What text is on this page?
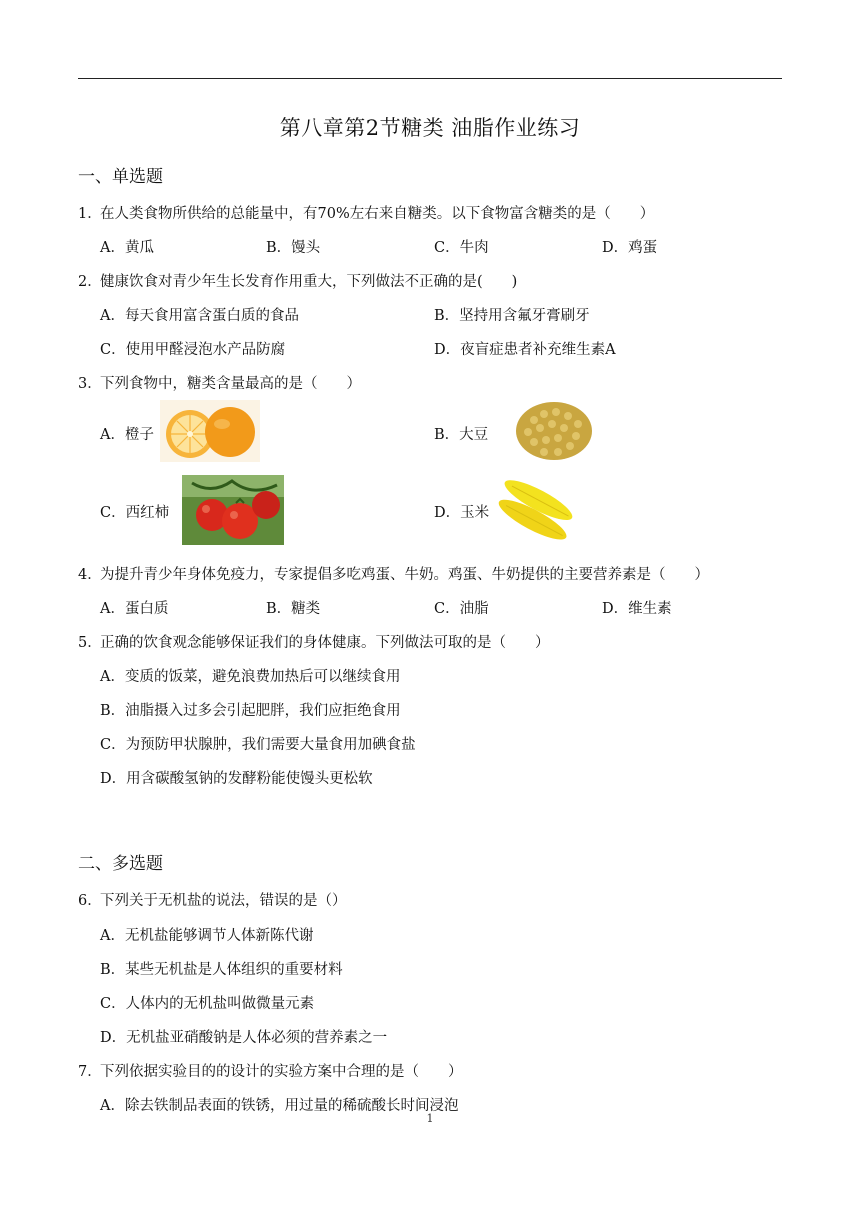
第八章第2节糖类 油脂作业练习
一、单选题
1．在人类食物所供给的总能量中，有70%左右来自糖类。以下食物富含糖类的是（　　）
A．黄瓜	B．馒头	C．牛肉	D．鸡蛋
2．健康饮食对青少年生长发育作用重大，下列做法不正确的是(　　)
A．每天食用富含蛋白质的食品	B．坚持用含氟牙膏刷牙
C．使用甲醛浸泡水产品防腐	D．夜盲症患者补充维生素A
3．下列食物中，糖类含量最高的是（　　）
A．橙子	B．大豆
C．西红柿	D．玉米
4．为提升青少年身体免疫力，专家提倡多吃鸡蛋、牛奶。鸡蛋、牛奶提供的主要营养素是（　　）
A．蛋白质	B．糖类	C．油脂	D．维生素
5．正确的饮食观念能够保证我们的身体健康。下列做法可取的是（　　）
A．变质的饭菜，避免浪费加热后可以继续食用
B．油脂摄入过多会引起肥胖，我们应拒绝食用
C．为预防甲状腺肿，我们需要大量食用加碘食盐
D．用含碳酸氢钠的发酵粉能使馒头更松软
二、多选题
6．下列关于无机盐的说法，错误的是（）
A．无机盐能够调节人体新陈代谢
B．某些无机盐是人体组织的重要材料
C．人体内的无机盐叫做微量元素
D．无机盐亚硝酸钠是人体必须的营养素之一
7．下列依据实验目的的设计的实验方案中合理的是（　　）
A．除去铁制品表面的铁锈，用过量的稀硫酸长时间浸泡
1
